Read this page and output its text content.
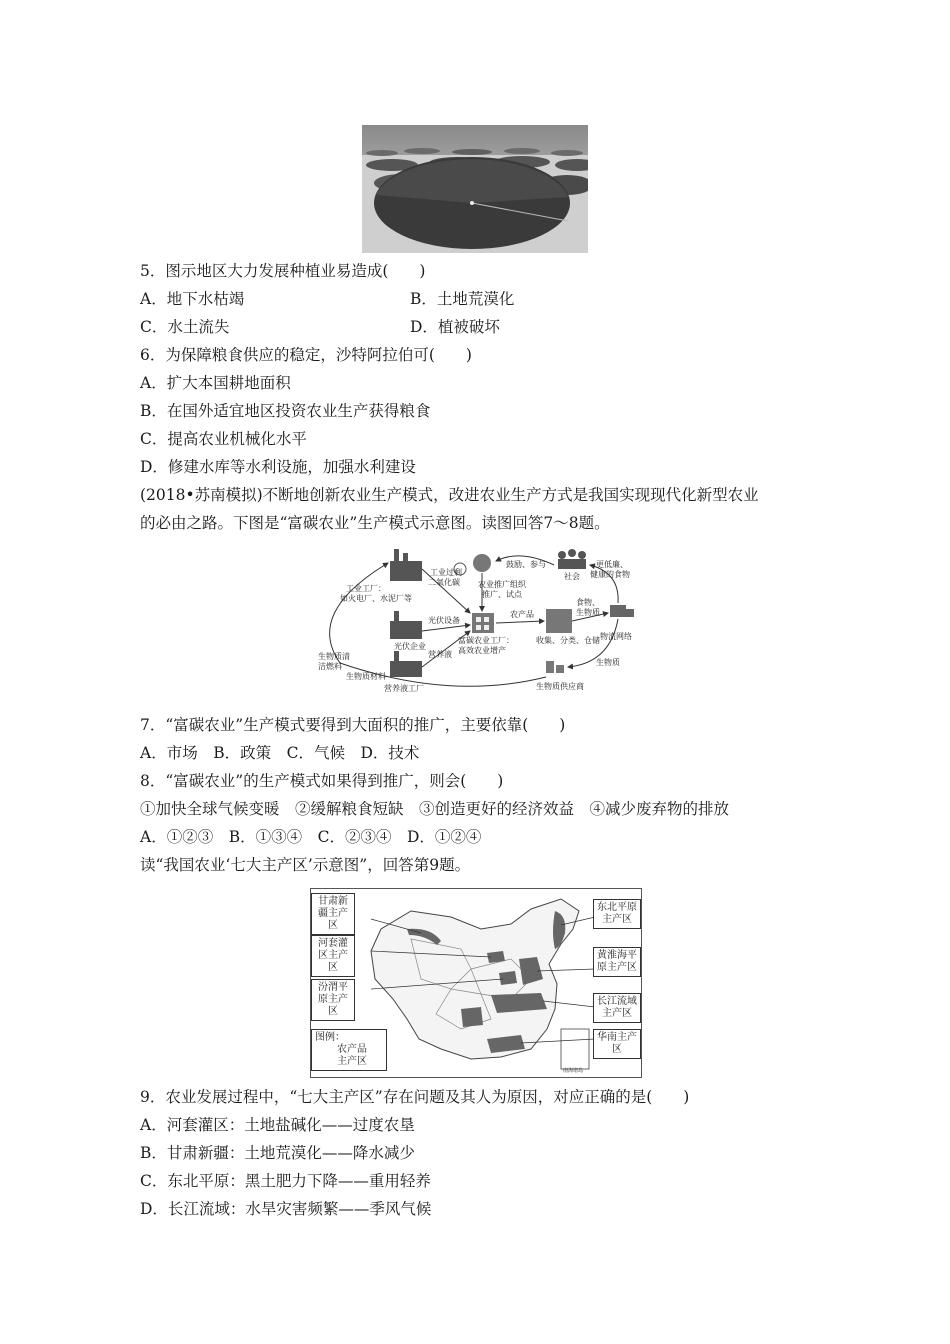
5．图示地区大力发展种植业易造成(　　)
A．地下水枯竭	B．土地荒漠化
C．水土流失	D．植被破坏
6．为保障粮食供应的稳定，沙特阿拉伯可(　　)
A．扩大本国耕地面积
B．在国外适宜地区投资农业生产获得粮食
C．提高农业机械化水平
D．修建水库等水利设施，加强水利建设
(2018•苏南模拟)不断地创新农业生产模式，改进农业生产方式是我国实现现代化新型农业
的必由之路。下图是“富碳农业”生产模式示意图。读图回答7～8题。
工业工厂：
如火电厂、水泥厂等
工业过剩
二氧化碳
光伏企业
光伏设备
农业推广组织
推广、试点
鼓励、参与
社会
更低廉、
健康的食物
农产品
富碳农业工厂：
高效农业增产
营养液
收集、分类、仓储
食物、
生物质
物流网络
生物质
生物质供应商
生物质清
洁燃料
生物质材料
营养液工厂
7．“富碳农业”生产模式要得到大面积的推广，主要依靠(　　)
A．市场　B．政策　C．气候　D．技术
8．“富碳农业”的生产模式如果得到推广，则会(　　)
①加快全球气候变暖　②缓解粮食短缺　③创造更好的经济效益　④减少废弃物的排放
A．①②③　B．①③④　C．②③④　D．①②④
读“我国农业‘七大主产区’示意图”，回答第9题。
南海诸岛
甘肃新疆主产区
河套灌区主产区
汾渭平原主产区
图例：
农产品主产区
东北平原主产区
黄淮海平原主产区
长江流域主产区
华南主产区
9．农业发展过程中，“七大主产区”存在问题及其人为原因，对应正确的是(　　)
A．河套灌区：土地盐碱化——过度农垦
B．甘肃新疆：土地荒漠化——降水减少
C．东北平原：黑土肥力下降——重用轻养
D．长江流域：水旱灾害频繁——季风气候
